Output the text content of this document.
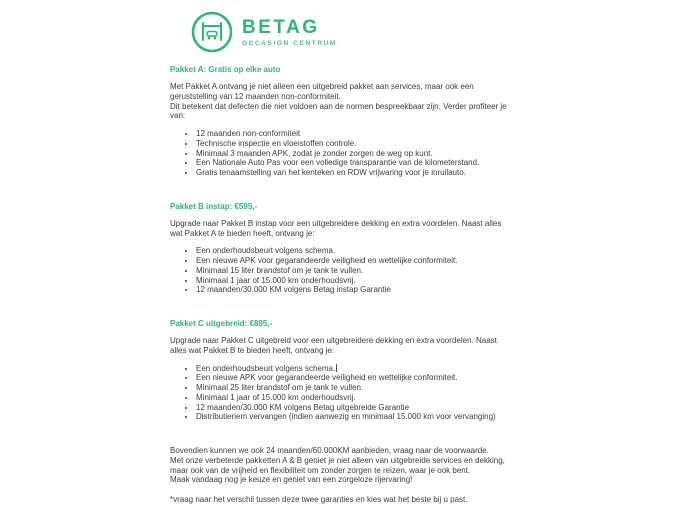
BETAG
OCCASION CENTRUM
Pakket A: Gratis op elke auto

Met Pakket A ontvang je niet alleen een uitgebreid pakket aan services, maar ook een geruststelling van 12 maanden non-conformiteit.

Dit betekent dat defecten die niet voldoen aan de normen bespreekbaar zijn. Verder profiteer je van:

• 12 maanden non-conformiteit
• Technische inspectie en vloeistoffen controle.
• Minimaal 3 maanden APK, zodat je zonder zorgen de weg op kunt.
• Een Nationale Auto Pas voor een volledige transparantie van de kilometerstand.
• Gratis tenaamstelling van het kenteken en RDW vrijwaring voor je inruilauto.
Pakket B instap: €595,-

Upgrade naar Pakket B instap voor een uitgebreidere dekking en extra voordelen. Naast alles wat Pakket A te bieden heeft, ontvang je:

• Een onderhoudsbeurt volgens schema.
• Een nieuwe APK voor gegarandeerde veiligheid en wettelijke conformiteit.
• Minimaal 15 liter brandstof om je tank te vullen.
• Minimaal 1 jaar of 15.000 km onderhoudsvrij.
• 12 maanden/30.000 KM volgens Betag instap Garantie
Pakket C uitgebreid: €895,-

Upgrade naar Pakket C uitgebreid voor een uitgebreidere dekking en extra voordelen. Naast alles wat Pakket B te bieden heeft, ontvang je:

• Een onderhoudsbeurt volgens schema.
• Een nieuwe APK voor gegarandeerde veiligheid en wettelijke conformiteit.
• Minimaal 25 liter brandstof om je tank te vullen.
• Minimaal 1 jaar of 15.000 km onderhoudsvrij.
• 12 maanden/30.000 KM volgens Betag uitgebreide Garantie
• Distributieriem vervangen (indien aanwezig en minimaal 15.000 km voor vervanging)

Bovendien kunnen we ook 24 maanden/60.000KM aanbieden, vraag naar de voorwaarde.

Met onze verbeterde pakketten A & B geniet je niet alleen van uitgebreide services en dekking, maar ook van de vrijheid en flexibiliteit om zonder zorgen te reizen, waar je ook bent.

Maak vandaag nog je keuze en geniet van een zorgeloze rijervaring!

*vraag naar het verschil tussen deze twee garanties en kies wat het beste bij u past.
